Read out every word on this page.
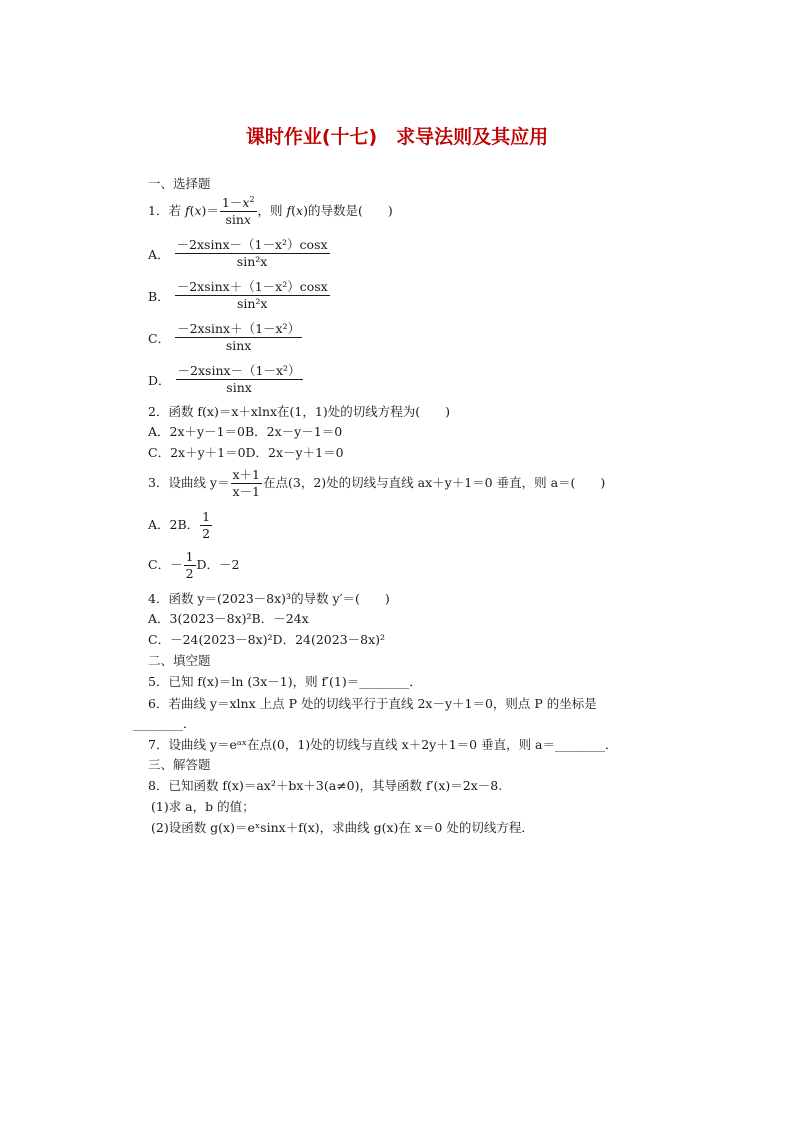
课时作业(十七)　求导法则及其应用
一、选择题
1．若 $f(x)= \frac{1-x^2}{\sin x}$ ，则 f(x)的导数是(　　)
A． $\frac{\text{－2xsinx－（1－x²）cosx}}{\text{sin²x}}$
B． $\frac{\text{－2xsinx＋（1－x²）cosx}}{\text{sin²x}}$
C． $\frac{\text{－2xsinx＋（1－x²）}}{\sin x}$
D． $\frac{\text{－2xsinx－（1－x²）}}{\sin x}$
2．函数 f(x)＝x＋xlnx在(1，1)处的切线方程为(　　)
A．2x＋y－1＝0B．2x－y－1＝0
C．2x＋y＋1＝0D．2x－y＋1＝0
3．设曲线 $y= \frac{x+1}{x-1}$ 在点(3，2)处的切线与直线 ax＋y＋1＝0 垂直，则 a＝(　　)
A．2B． $\frac{1}{2}$
C．－ $\frac{1}{2}$ D．－2
4．函数 y＝(2023－8x)³的导数 y′＝(　　)
A．3(2023－8x)²B．－24x
C．－24(2023－8x)²D．24(2023－8x)²
二、填空题
5．已知 f(x)＝ln (3x－1)，则 f′(1)＝________．
6．若曲线 y＝xlnx 上点 P 处的切线平行于直线 2x－y＋1＝0，则点 P 的坐标是
________．
7．设曲线 y＝eᵃˣ在点(0，1)处的切线与直线 x＋2y＋1＝0 垂直，则 a＝________．
三、解答题
8．已知函数 f(x)＝ax²＋bx＋3(a≠0)，其导函数 f′(x)＝2x－8.
(1)求 a，b 的值；
(2)设函数 g(x)＝eˣsinx＋f(x)，求曲线 g(x)在 x＝0 处的切线方程．
